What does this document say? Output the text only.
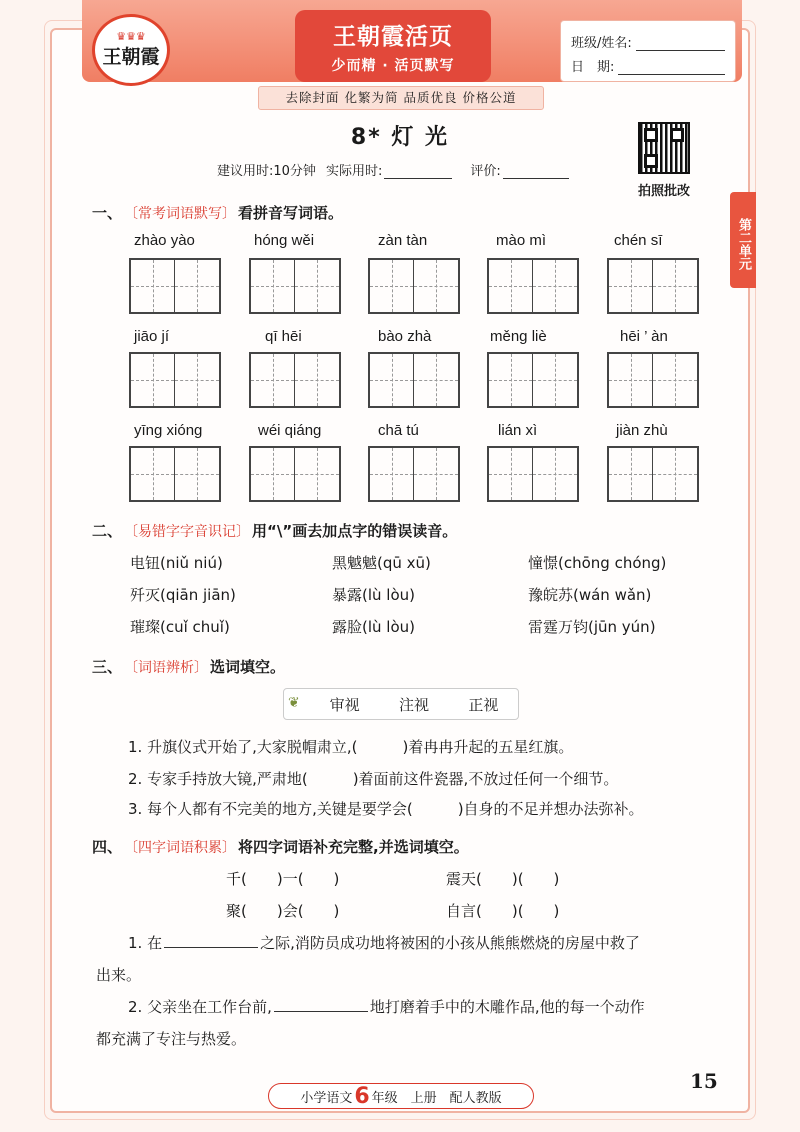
♛♛♛
王朝霞
王朝霞活页
少而精 · 活页默写
班级/姓名:
日　期:
去除封面 化繁为简 品质优良 价格公道
8* 灯 光
建议用时:10分钟 实际用时:	评价:
拍照批改
第二单元
一、 〔常考词语默写〕 看拼音写词语。
zhào yào	hóng wěi	zàn tàn	mào mì	chén sī
jiāo jí	qī hēi	bào zhà	měng liè	hēi ’ àn
yīng xióng	wéi qiáng	chā tú	lián xì	jiàn zhù
二、 〔易错字字音识记〕 用“\”画去加点字的错误读音。
电钮(niǔ niú)	黑魆魆(qū xū)	憧憬(chōng chóng)
歼灭(qiān jiān)	暴露(lù lòu)	豫皖苏(wán wǎn)
璀璨(cuǐ chuǐ)	露脸(lù lòu)	雷霆万钧(jūn yún)
三、 〔词语辨析〕 选词填空。
❦ 审视	注视	正视
1. 升旗仪式开始了,大家脱帽肃立,(　　　)着冉冉升起的五星红旗。
2. 专家手持放大镜,严肃地(　　　)着面前这件瓷器,不放过任何一个细节。
3. 每个人都有不完美的地方,关键是要学会(　　　)自身的不足并想办法弥补。
四、 〔四字词语积累〕 将四字词语补充完整,并选词填空。
千(　　)一(　　)	震天(　　)(　　)
聚(　　)会(　　)	自言(　　)(　　)
1. 在	之际,消防员成功地将被困的小孩从熊熊燃烧的房屋中救了
出来。
2. 父亲坐在工作台前,	地打磨着手中的木雕作品,他的每一个动作
都充满了专注与热爱。
小学语文 6 年级　上册　配人教版
15
